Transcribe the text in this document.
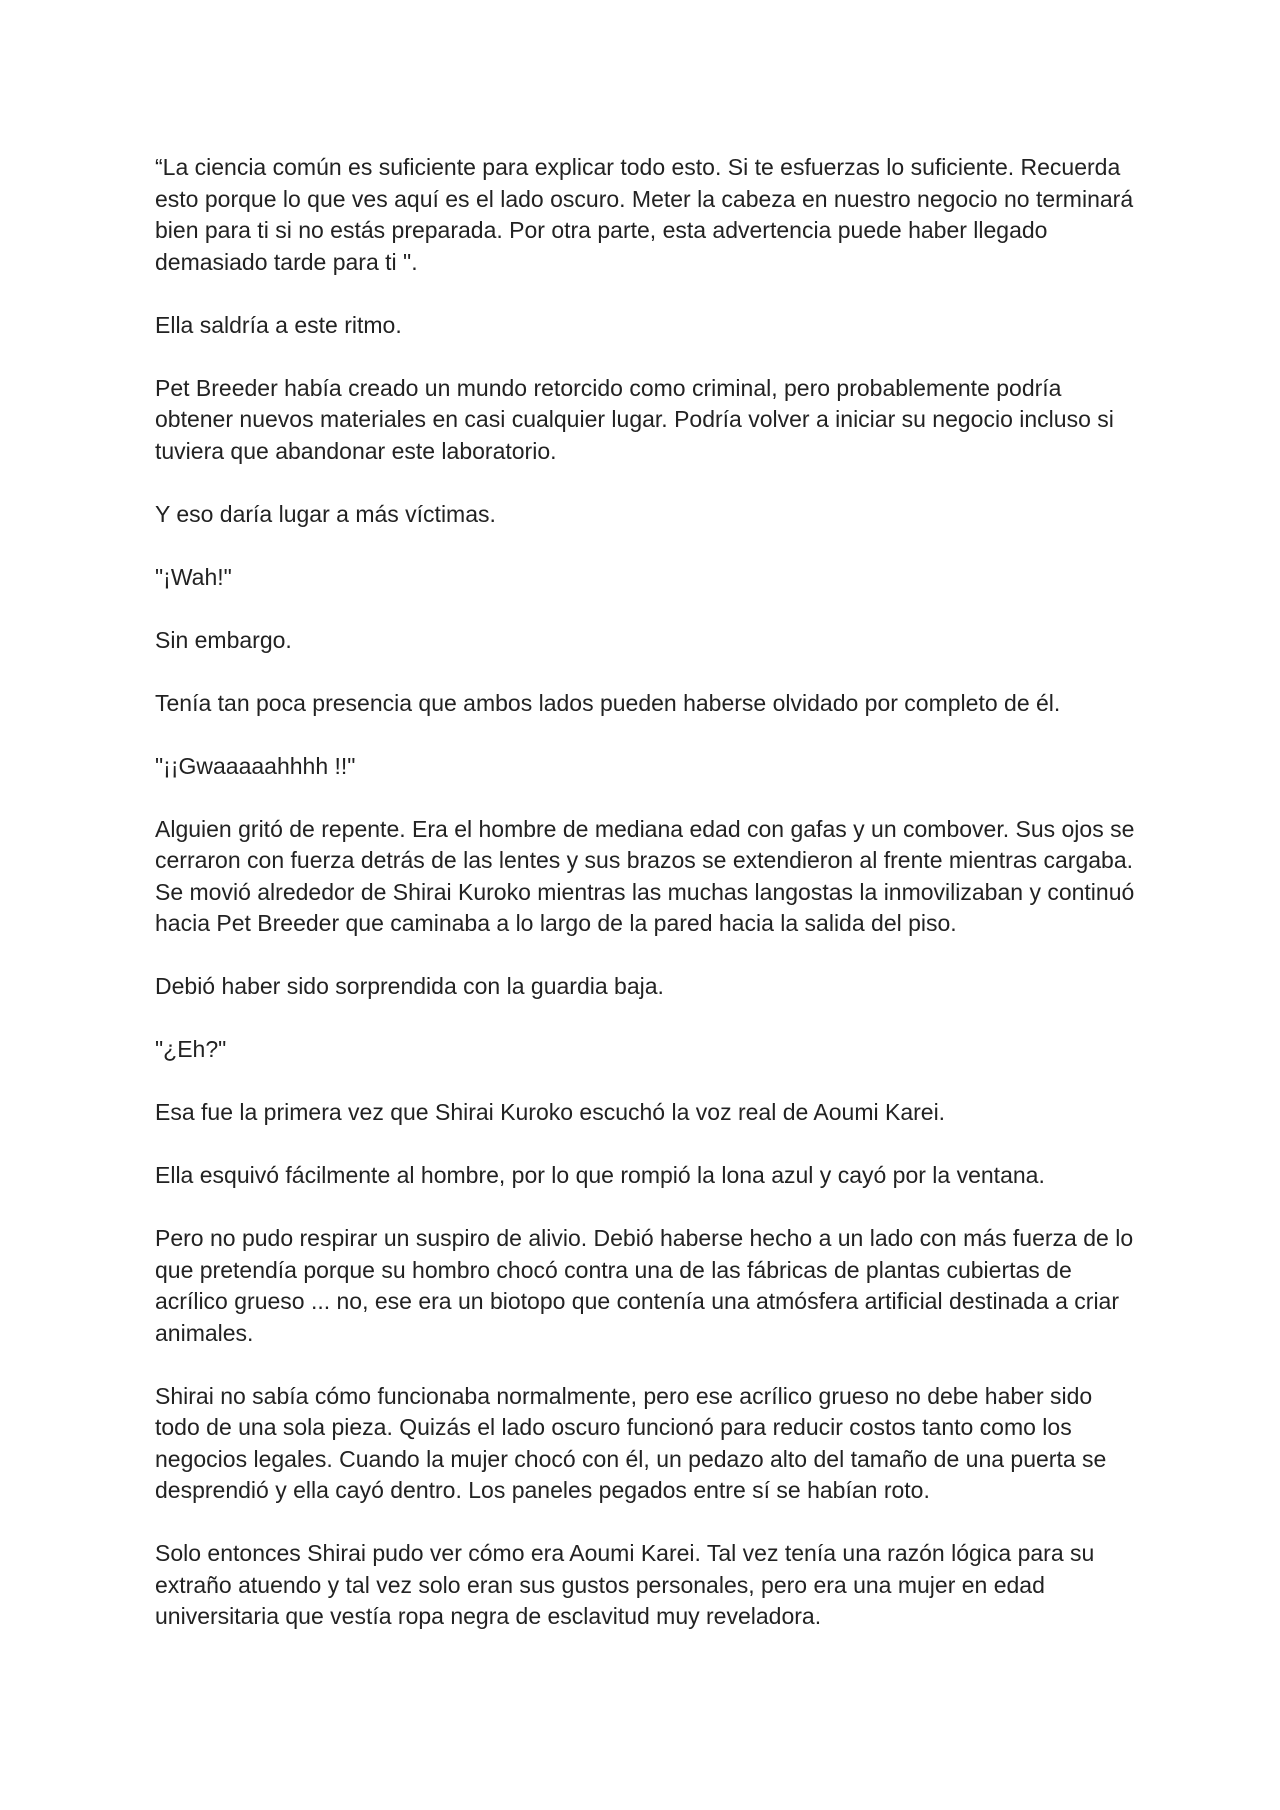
“La ciencia común es suficiente para explicar todo esto. Si te esfuerzas lo suficiente. Recuerda esto porque lo que ves aquí es el lado oscuro. Meter la cabeza en nuestro negocio no terminará bien para ti si no estás preparada. Por otra parte, esta advertencia puede haber llegado demasiado tarde para ti ".

Ella saldría a este ritmo.

Pet Breeder había creado un mundo retorcido como criminal, pero probablemente podría obtener nuevos materiales en casi cualquier lugar. Podría volver a iniciar su negocio incluso si tuviera que abandonar este laboratorio.

Y eso daría lugar a más víctimas.

"¡Wah!"

Sin embargo.

Tenía tan poca presencia que ambos lados pueden haberse olvidado por completo de él.

"¡¡Gwaaaaahhhh !!"

Alguien gritó de repente. Era el hombre de mediana edad con gafas y un combover. Sus ojos se cerraron con fuerza detrás de las lentes y sus brazos se extendieron al frente mientras cargaba. Se movió alrededor de Shirai Kuroko mientras las muchas langostas la inmovilizaban y continuó hacia Pet Breeder que caminaba a lo largo de la pared hacia la salida del piso.

Debió haber sido sorprendida con la guardia baja.

"¿Eh?"

Esa fue la primera vez que Shirai Kuroko escuchó la voz real de Aoumi Karei.

Ella esquivó fácilmente al hombre, por lo que rompió la lona azul y cayó por la ventana.

Pero no pudo respirar un suspiro de alivio. Debió haberse hecho a un lado con más fuerza de lo que pretendía porque su hombro chocó contra una de las fábricas de plantas cubiertas de acrílico grueso ... no, ese era un biotopo que contenía una atmósfera artificial destinada a criar animales.

Shirai no sabía cómo funcionaba normalmente, pero ese acrílico grueso no debe haber sido todo de una sola pieza. Quizás el lado oscuro funcionó para reducir costos tanto como los negocios legales. Cuando la mujer chocó con él, un pedazo alto del tamaño de una puerta se desprendió y ella cayó dentro. Los paneles pegados entre sí se habían roto.

Solo entonces Shirai pudo ver cómo era Aoumi Karei. Tal vez tenía una razón lógica para su extraño atuendo y tal vez solo eran sus gustos personales, pero era una mujer en edad universitaria que vestía ropa negra de esclavitud muy reveladora.
